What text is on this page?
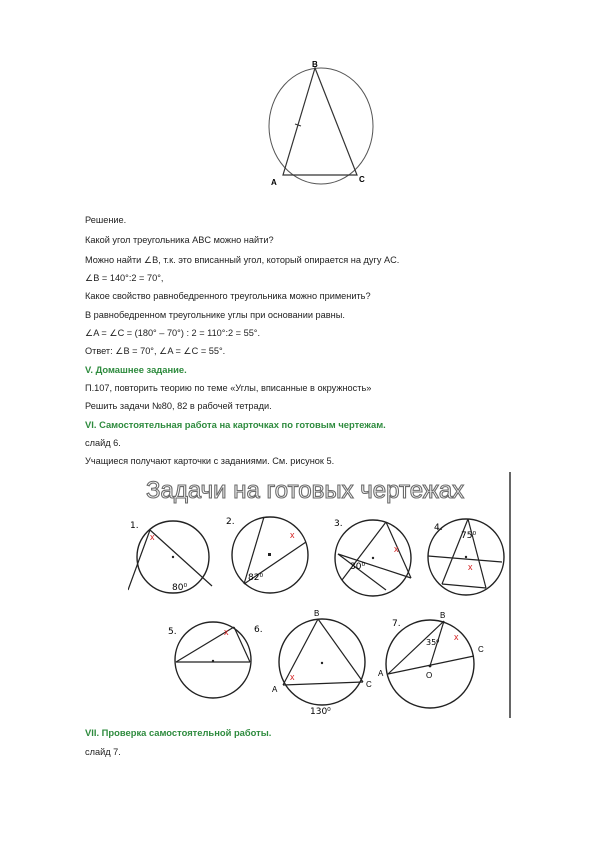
B
A	C
Решение.
Какой угол треугольника ABC можно найти?
Можно найти ∠B, т.к. это вписанный угол, который опирается на дугу AC.
∠B = 140°:2 = 70°,
Какое свойство равнобедренного треугольника можно применить?
В равнобедренном треугольнике углы при основании равны.
∠A = ∠C = (180° – 70°) : 2 = 110°:2 = 55°.
Ответ: ∠B = 70°, ∠A = ∠C = 55°.
V. Домашнее задание.
П.107, повторить теорию по теме «Углы, вписанные в окружность»
Решить задачи №80, 82 в рабочей тетради.
VI. Самостоятельная работа на карточках по готовым чертежам.
слайд 6.
Учащиеся получают карточки с заданиями. См. рисунок 5.
Задачи на готовых чертежах
1.
x
80⁰
2.
x
82⁰
3.
x
30⁰
4.
75⁰
x
5.	x	6.
B
A
C
x
130⁰
7.
B
A
C
O
35⁰
x
VII. Проверка самостоятельной работы.
слайд 7.
